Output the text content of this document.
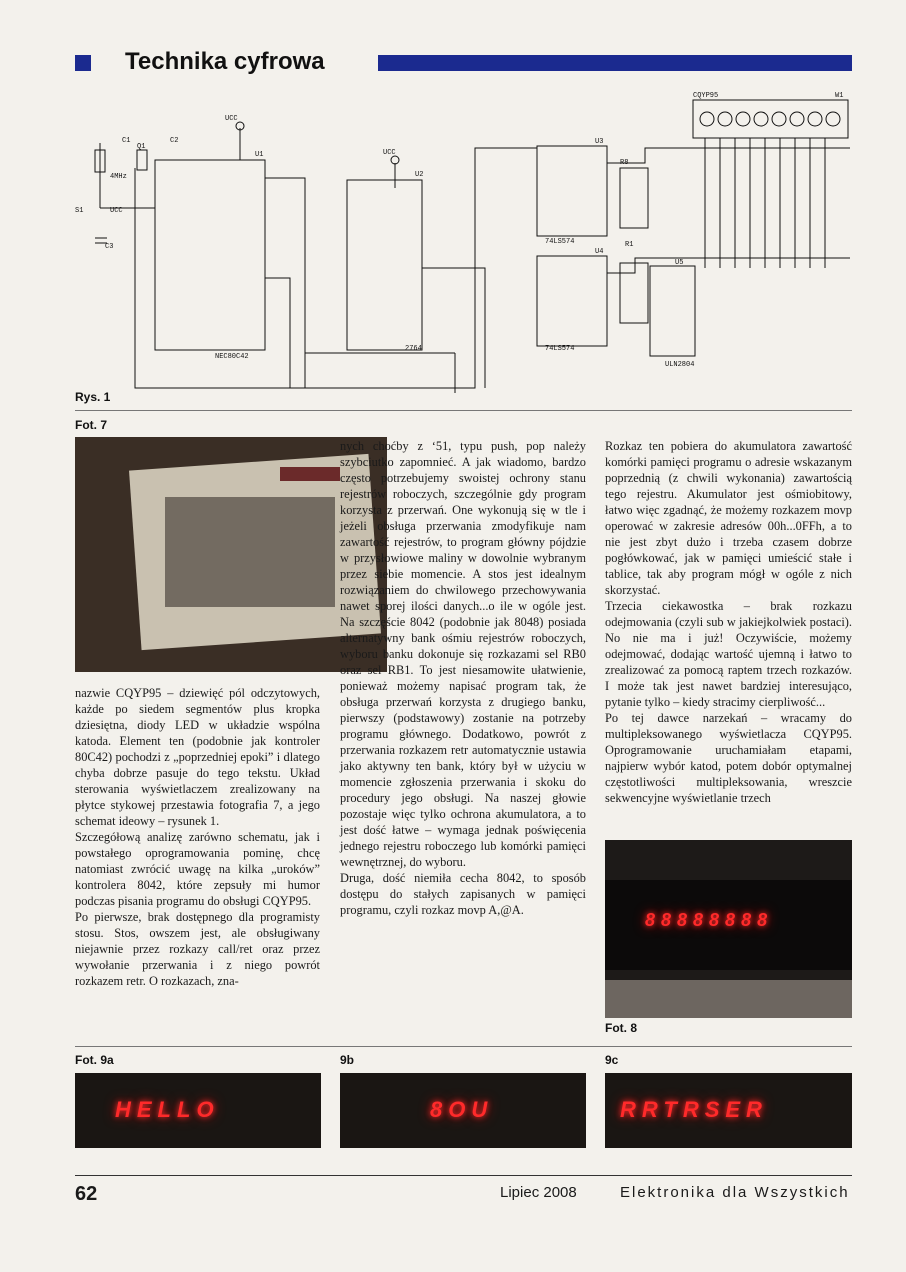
Technika cyfrowa
UCC
UCC
UCC
U1
NEC80C42
U2
2764
U3
74LS574
U4
74LS574
U5
ULN2804
CQYP95	W1
4MHz
R8
R1
S1
C1	C2
C3
Q1
Rys. 1
Fot. 7

nazwie CQYP95 – dziewięć pól odczytowych, każde po siedem segmentów plus kropka dziesiętna, diody LED w układzie wspólna katoda. Element ten (podobnie jak kontroler 80C42) pochodzi z „poprzedniej epoki” i dlatego chyba dobrze pasuje do tego tekstu. Układ sterowania wyświetlaczem zrealizowany na płytce stykowej przestawia fotografia 7, a jego schemat ideowy – rysunek 1.

Szczegółową analizę zarówno schematu, jak i powstałego oprogramowania pominę, chcę natomiast zwrócić uwagę na kilka „uroków” kontrolera 8042, które zepsuły mi humor podczas pisania programu do obsługi CQYP95.

Po pierwsze, brak dostępnego dla programisty stosu. Stos, owszem jest, ale obsługiwany niejawnie przez rozkazy call/ret oraz przez wywołanie przerwania i z niego powrót rozkazem retr. O rozkazach, zna-

nych choćby z ‘51, typu push, pop należy szybciutko zapomnieć. A jak wiadomo, bardzo często potrzebujemy swoistej ochrony stanu rejestrów roboczych, szczególnie gdy program korzysta z przerwań. One wykonują się w tle i jeżeli obsługa przerwania zmodyfikuje nam zawartość rejestrów, to program główny pójdzie w przysłowiowe maliny w dowolnie wybranym przez siebie momencie. A stos jest idealnym rozwiązaniem do chwilowego przechowywania nawet sporej ilości danych...o ile w ogóle jest. Na szczęście 8042 (podobnie jak 8048) posiada alternatywny bank ośmiu rejestrów roboczych, wyboru banku dokonuje się rozkazami sel RB0 oraz sel RB1. To jest niesamowite ułatwienie, ponieważ możemy napisać program tak, że obsługa przerwań korzysta z drugiego banku, pierwszy (podstawowy) zostanie na potrzeby programu głównego. Dodatkowo, powrót z przerwania rozkazem retr automatycznie ustawia jako aktywny ten bank, który był w użyciu w momencie zgłoszenia przerwania i skoku do procedury jego obsługi. Na naszej głowie pozostaje więc tylko ochrona akumulatora, a to jest dość łatwe – wymaga jednak poświęcenia jednego rejestru roboczego lub komórki pamięci wewnętrznej, do wyboru.

Druga, dość niemiła cecha 8042, to sposób dostępu do stałych zapisanych w pamięci programu, czyli rozkaz movp A,@A.

Rozkaz ten pobiera do akumulatora zawartość komórki pamięci programu o adresie wskazanym poprzednią (z chwili wykonania) zawartością tego rejestru. Akumulator jest ośmiobitowy, łatwo więc zgadnąć, że możemy rozkazem movp operować w zakresie adresów 00h...0FFh, a to nie jest zbyt dużo i trzeba czasem dobrze pogłówkować, jak w pamięci umieścić stałe i tablice, tak aby program mógł w ogóle z nich skorzystać.

Trzecia ciekawostka – brak rozkazu odejmowania (czyli sub w jakiejkolwiek postaci). No nie ma i już! Oczywiście, możemy odejmować, dodając wartość ujemną i łatwo to zrealizować za pomocą raptem trzech rozkazów. I może tak jest nawet bardziej interesująco, pytanie tylko – kiedy stracimy cierpliwość...

Po tej dawce narzekań – wracamy do multipleksowanego wyświetlacza CQYP95. Oprogramowanie uruchamiałam etapami, najpierw wybór katod, potem dobór optymalnej częstotliwości multipleksowania, wreszcie sekwencyjne wyświetlanie trzech

88888888
Fot. 8
Fot. 9a	9b	9c
HELLO	8OU	RRTRSER
62	Lipiec 2008	Elektronika dla Wszystkich
